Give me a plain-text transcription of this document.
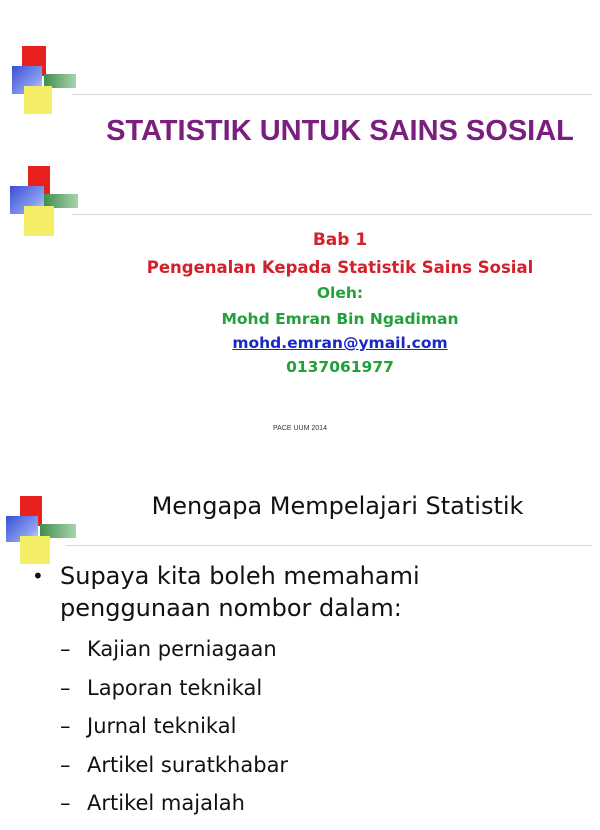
STATISTIK UNTUK SAINS SOSIAL
Bab 1
Pengenalan Kepada Statistik Sains Sosial
Oleh:
Mohd Emran Bin Ngadiman
mohd.emran@ymail.com
0137061977
PACE UUM 2014
Mengapa Mempelajari Statistik
• Supaya kita boleh memahami penggunaan nombor dalam:
– Kajian perniagaan
– Laporan teknikal
– Jurnal teknikal
– Artikel suratkhabar
– Artikel majalah
